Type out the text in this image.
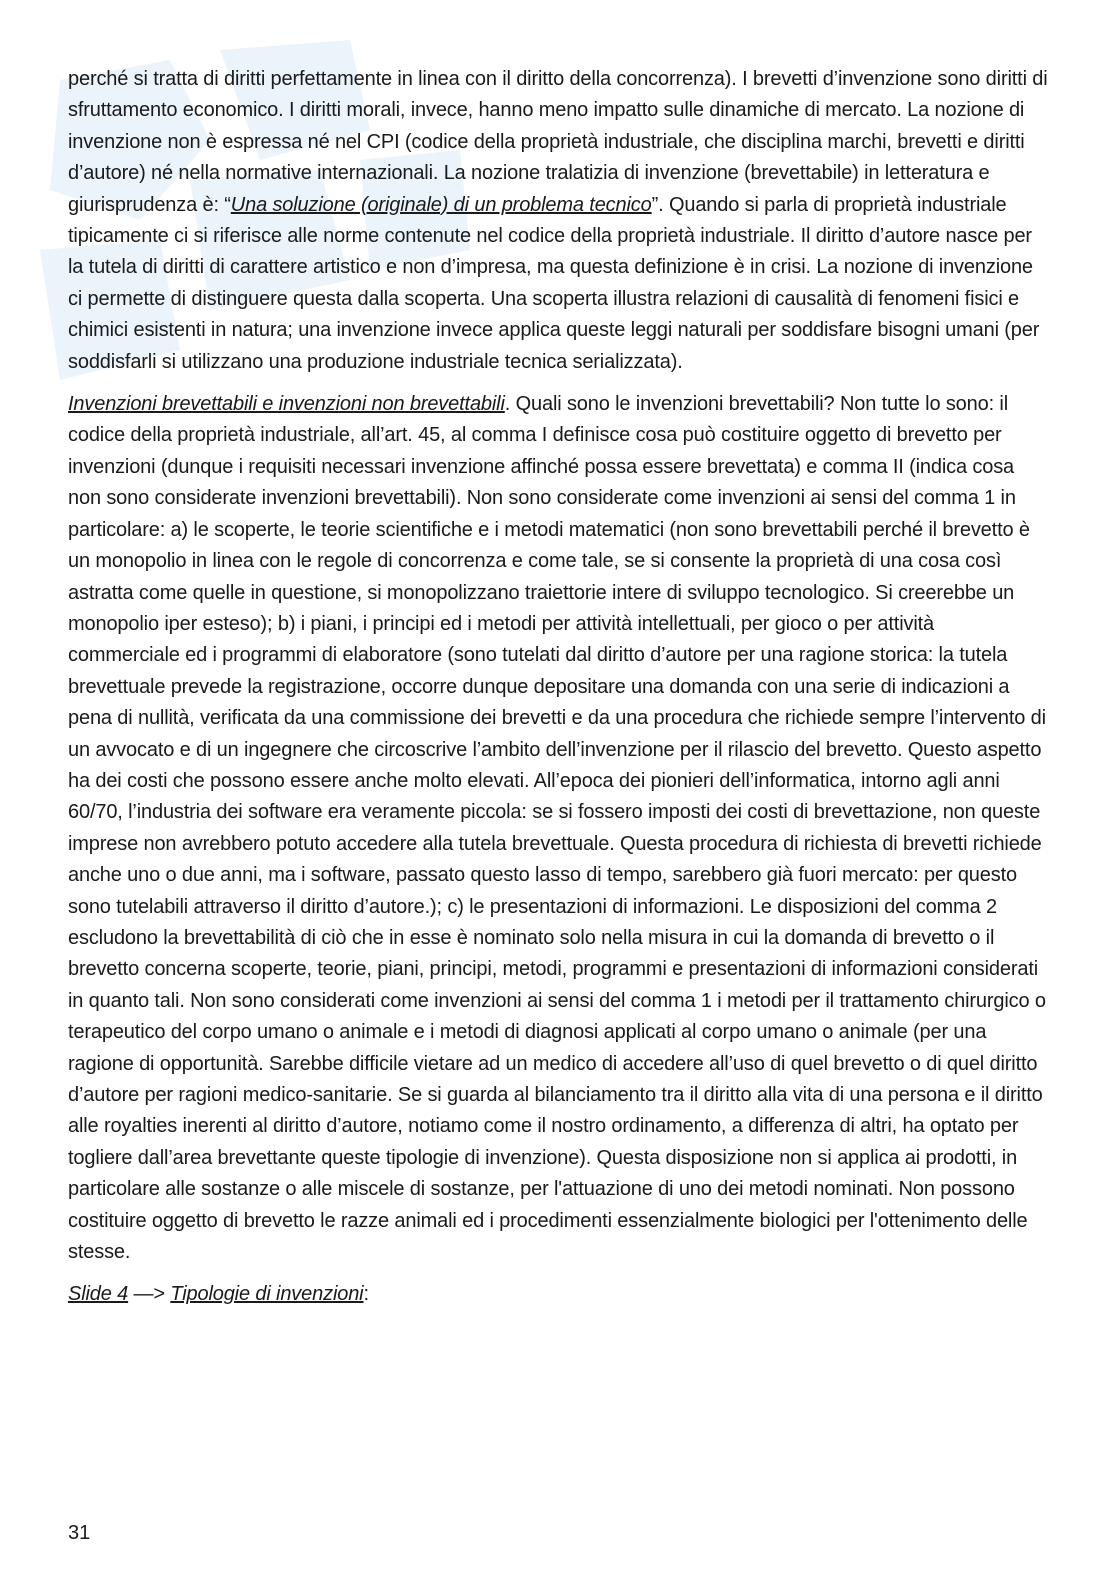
perché si tratta di diritti perfettamente in linea con il diritto della concorrenza). I brevetti d’invenzione sono diritti di sfruttamento economico. I diritti morali, invece, hanno meno impatto sulle dinamiche di mercato. La nozione di invenzione non è espressa né nel CPI (codice della proprietà industriale, che disciplina marchi, brevetti e diritti d’autore) né nella normative internazionali. La nozione tralatizia di invenzione (brevettabile) in letteratura e giurisprudenza è: “Una soluzione (originale) di un problema tecnico”. Quando si parla di proprietà industriale tipicamente ci si riferisce alle norme contenute nel codice della proprietà industriale. Il diritto d’autore nasce per la tutela di diritti di carattere artistico e non d’impresa, ma questa definizione è in crisi. La nozione di invenzione ci permette di distinguere questa dalla scoperta. Una scoperta illustra relazioni di causalità di fenomeni fisici e chimici esistenti in natura; una invenzione invece applica queste leggi naturali per soddisfare bisogni umani (per soddisfarli si utilizzano una produzione industriale tecnica serializzata).

Invenzioni brevettabili e invenzioni non brevettabili. Quali sono le invenzioni brevettabili? Non tutte lo sono: il codice della proprietà industriale, all’art. 45, al comma I definisce cosa può costituire oggetto di brevetto per invenzioni (dunque i requisiti necessari invenzione affinché possa essere brevettata) e comma II (indica cosa non sono considerate invenzioni brevettabili). Non sono considerate come invenzioni ai sensi del comma 1 in particolare: a) le scoperte, le teorie scientifiche e i metodi matematici (non sono brevettabili perché il brevetto è un monopolio in linea con le regole di concorrenza e come tale, se si consente la proprietà di una cosa così astratta come quelle in questione, si monopolizzano traiettorie intere di sviluppo tecnologico. Si creerebbe un monopolio iper esteso); b) i piani, i principi ed i metodi per attività intellettuali, per gioco o per attività commerciale ed i programmi di elaboratore (sono tutelati dal diritto d’autore per una ragione storica: la tutela brevettuale prevede la registrazione, occorre dunque depositare una domanda con una serie di indicazioni a pena di nullità, verificata da una commissione dei brevetti e da una procedura che richiede sempre l’intervento di un avvocato e di un ingegnere che circoscrive l’ambito dell’invenzione per il rilascio del brevetto. Questo aspetto ha dei costi che possono essere anche molto elevati. All’epoca dei pionieri dell’informatica, intorno agli anni 60/70, l’industria dei software era veramente piccola: se si fossero imposti dei costi di brevettazione, non queste imprese non avrebbero potuto accedere alla tutela brevettuale. Questa procedura di richiesta di brevetti richiede anche uno o due anni, ma i software, passato questo lasso di tempo, sarebbero già fuori mercato: per questo sono tutelabili attraverso il diritto d’autore.); c) le presentazioni di informazioni. Le disposizioni del comma 2 escludono la brevettabilità di ciò che in esse è nominato solo nella misura in cui la domanda di brevetto o il brevetto concerna scoperte, teorie, piani, principi, metodi, programmi e presentazioni di informazioni considerati in quanto tali. Non sono considerati come invenzioni ai sensi del comma 1 i metodi per il trattamento chirurgico o terapeutico del corpo umano o animale e i metodi di diagnosi applicati al corpo umano o animale (per una ragione di opportunità. Sarebbe difficile vietare ad un medico di accedere all’uso di quel brevetto o di quel diritto d’autore per ragioni medico-sanitarie. Se si guarda al bilanciamento tra il diritto alla vita di una persona e il diritto alle royalties inerenti al diritto d’autore, notiamo come il nostro ordinamento, a differenza di altri, ha optato per togliere dall’area brevettante queste tipologie di invenzione). Questa disposizione non si applica ai prodotti, in particolare alle sostanze o alle miscele di sostanze, per l'attuazione di uno dei metodi nominati. Non possono costituire oggetto di brevetto le razze animali ed i procedimenti essenzialmente biologici per l'ottenimento delle stesse.

Slide 4 —> Tipologie di invenzioni:

31
